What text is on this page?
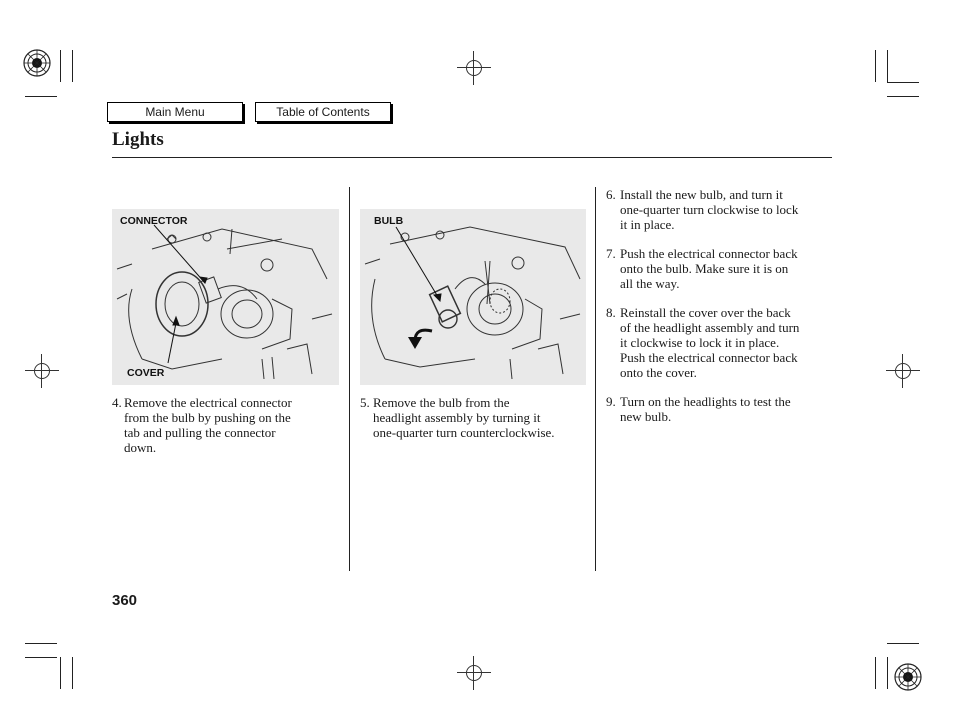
Main Menu	Table of Contents
Lights
CONNECTOR
COVER
BULB
4. Remove the electrical connector
from the bulb by pushing on the
tab and pulling the connector
down.
5. Remove the bulb from the
headlight assembly by turning it
one-quarter turn counterclockwise.
6. Install the new bulb, and turn it
one-quarter turn clockwise to lock
it in place.
7. Push the electrical connector back
onto the bulb. Make sure it is on
all the way.
8. Reinstall the cover over the back
of the headlight assembly and turn
it clockwise to lock it in place.
Push the electrical connector back
onto the cover.
9. Turn on the headlights to test the
new bulb.
360
